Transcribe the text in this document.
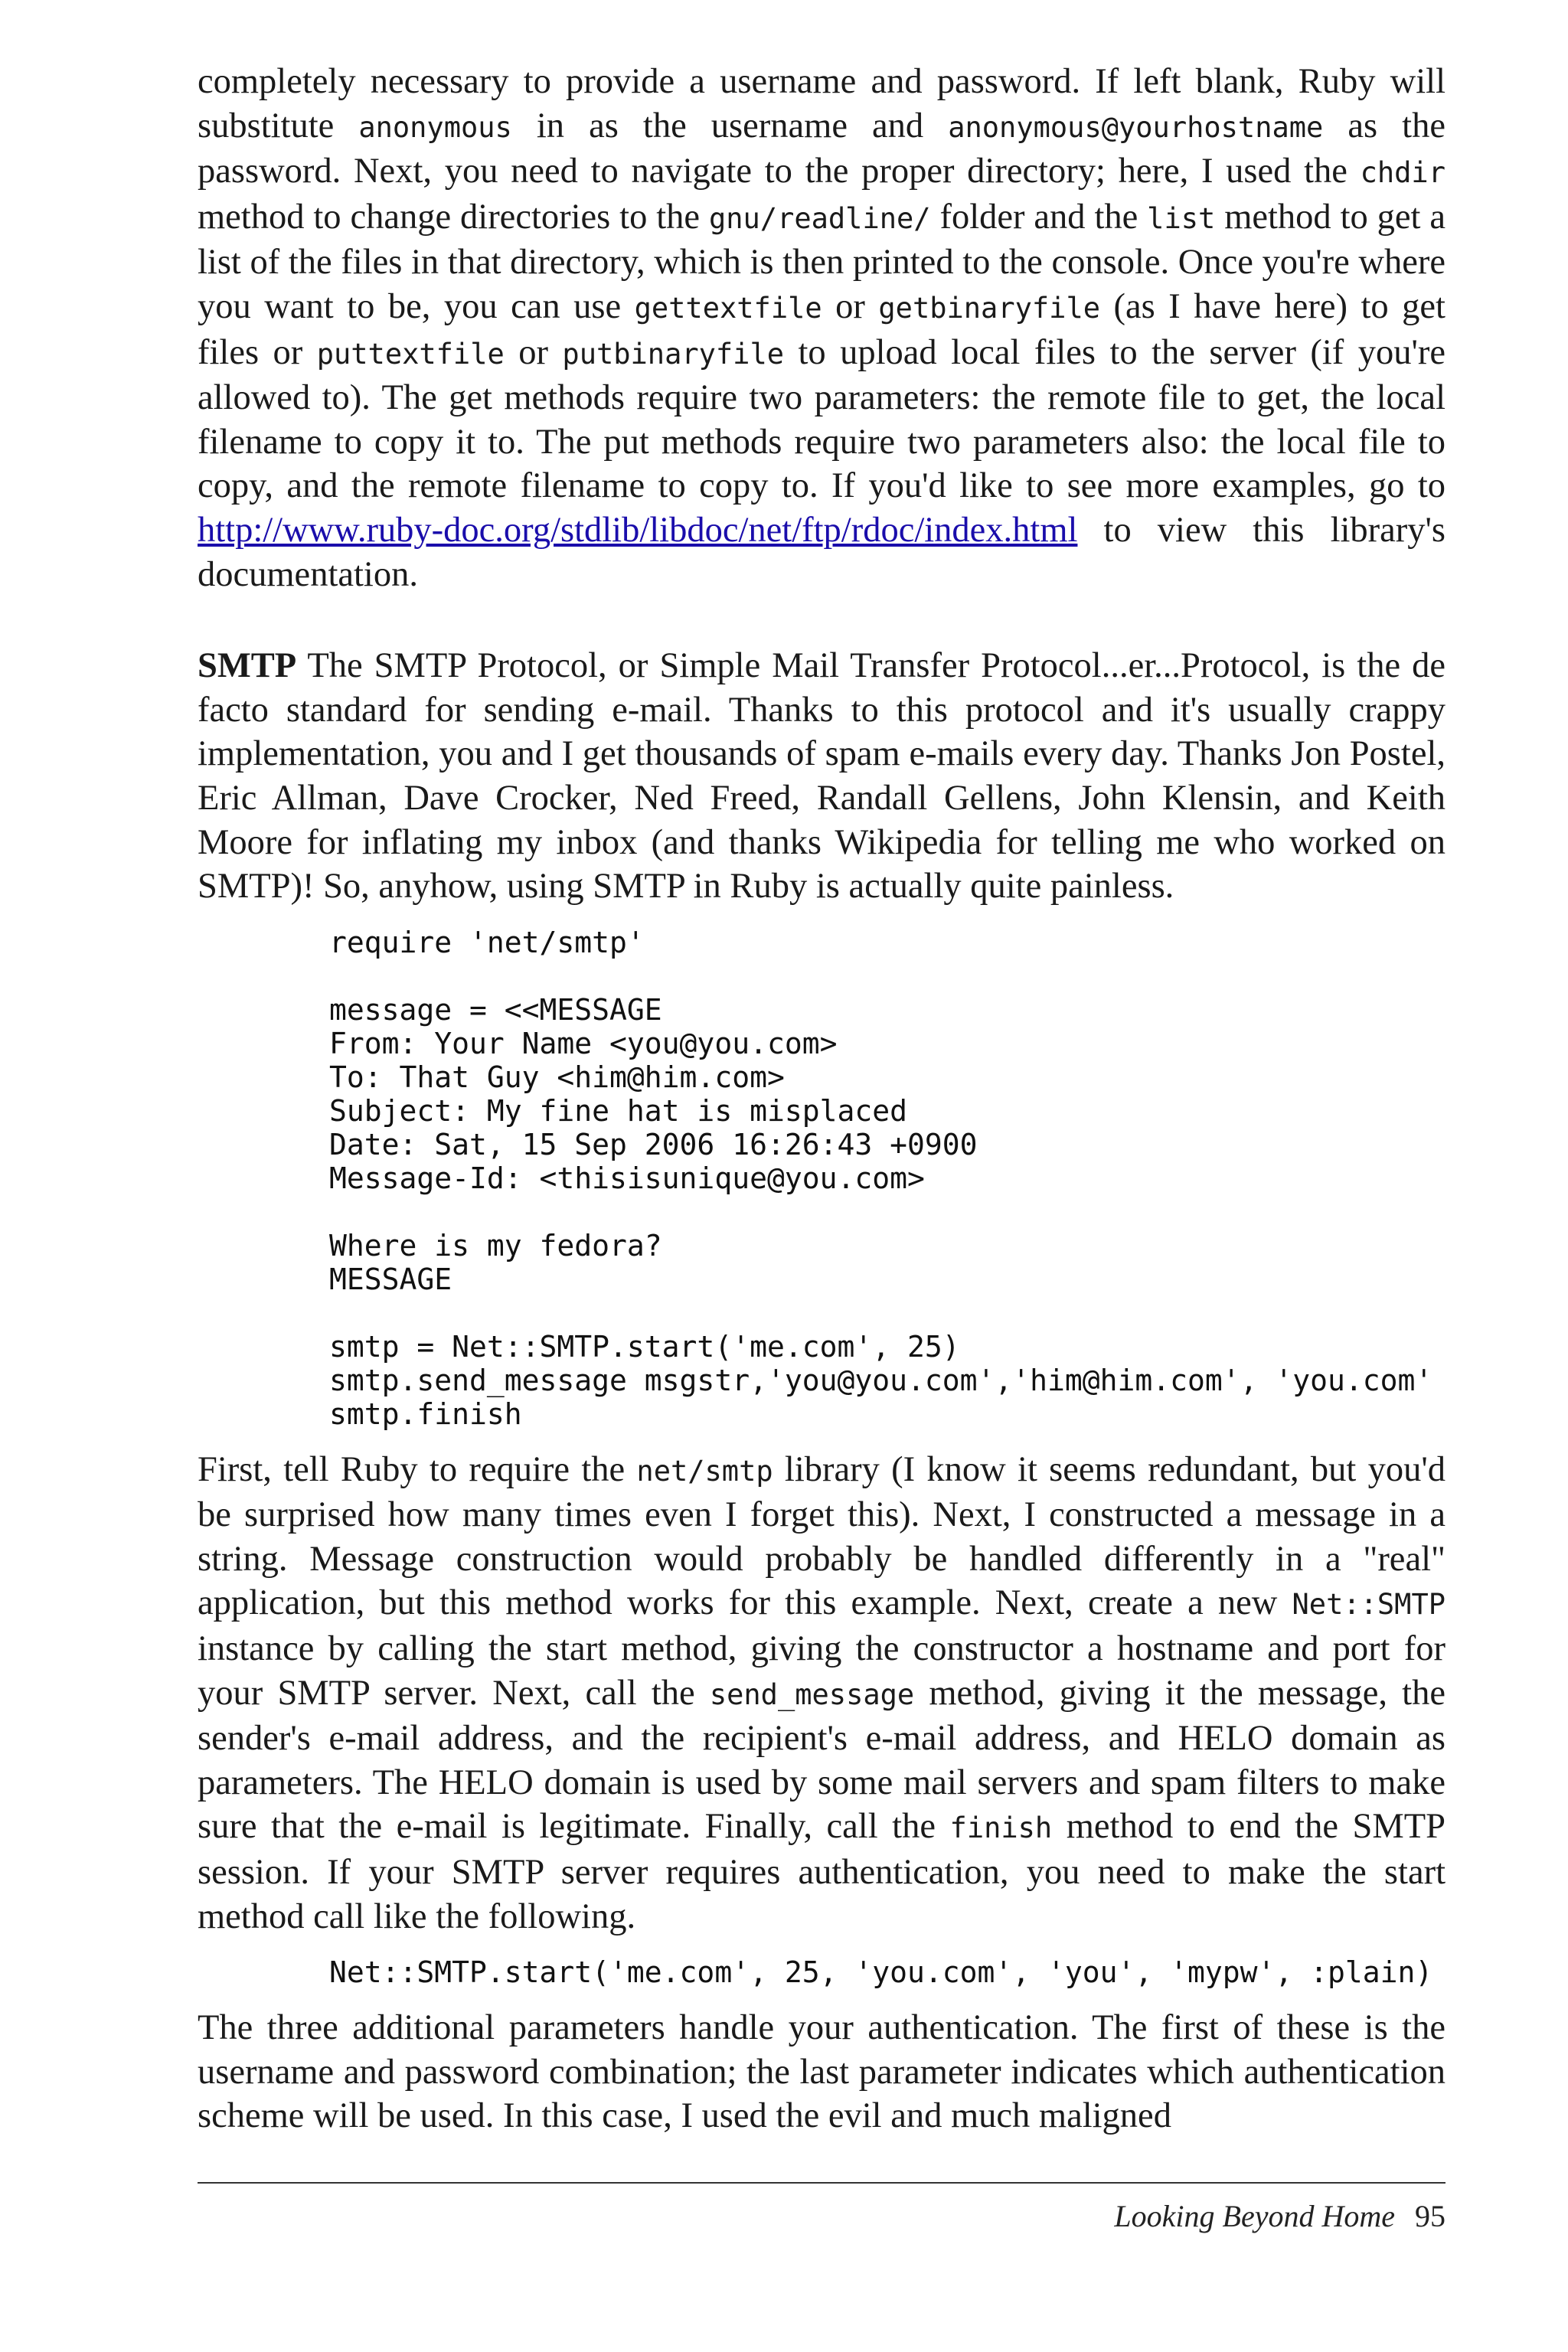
completely necessary to provide a username and password. If left blank, Ruby will substitute anonymous in as the username and anonymous@yourhostname as the password. Next, you need to navigate to the proper directory; here, I used the chdir method to change directories to the gnu/readline/ folder and the list method to get a list of the files in that directory, which is then printed to the console. Once you're where you want to be, you can use gettextfile or getbinaryfile (as I have here) to get files or puttextfile or putbinaryfile to upload local files to the server (if you're allowed to). The get methods require two parameters: the remote file to get, the local filename to copy it to. The put methods require two parameters also: the local file to copy, and the remote filename to copy to. If you'd like to see more examples, go to http://www.ruby-doc.org/stdlib/libdoc/net/ftp/rdoc/index.html to view this library's documentation.

SMTP The SMTP Protocol, or Simple Mail Transfer Protocol...er...Protocol, is the de facto standard for sending e-mail. Thanks to this protocol and it's usually crappy implementation, you and I get thousands of spam e-mails every day. Thanks Jon Postel, Eric Allman, Dave Crocker, Ned Freed, Randall Gellens, John Klensin, and Keith Moore for inflating my inbox (and thanks Wikipedia for telling me who worked on SMTP)! So, anyhow, using SMTP in Ruby is actually quite painless.

require 'net/smtp'

message = <<MESSAGE
From: Your Name <you@you.com>
To: That Guy <him@him.com>
Subject: My fine hat is misplaced
Date: Sat, 15 Sep 2006 16:26:43 +0900
Message-Id: <thisisunique@you.com>

Where is my fedora?
MESSAGE

smtp = Net::SMTP.start('me.com', 25)
smtp.send_message msgstr,'you@you.com','him@him.com', 'you.com'
smtp.finish

First, tell Ruby to require the net/smtp library (I know it seems redundant, but you'd be surprised how many times even I forget this). Next, I constructed a message in a string. Message construction would probably be handled differently in a "real" application, but this method works for this example. Next, create a new Net::SMTP instance by calling the start method, giving the constructor a hostname and port for your SMTP server. Next, call the send_message method, giving it the message, the sender's e-mail address, and the recipient's e-mail address, and HELO domain as parameters. The HELO domain is used by some mail servers and spam filters to make sure that the e-mail is legitimate. Finally, call the finish method to end the SMTP session. If your SMTP server requires authentication, you need to make the start method call like the following.

Net::SMTP.start('me.com', 25, 'you.com', 'you', 'mypw', :plain)

The three additional parameters handle your authentication. The first of these is the username and password combination; the last parameter indicates which authentication scheme will be used. In this case, I used the evil and much maligned

Looking Beyond Home 95
